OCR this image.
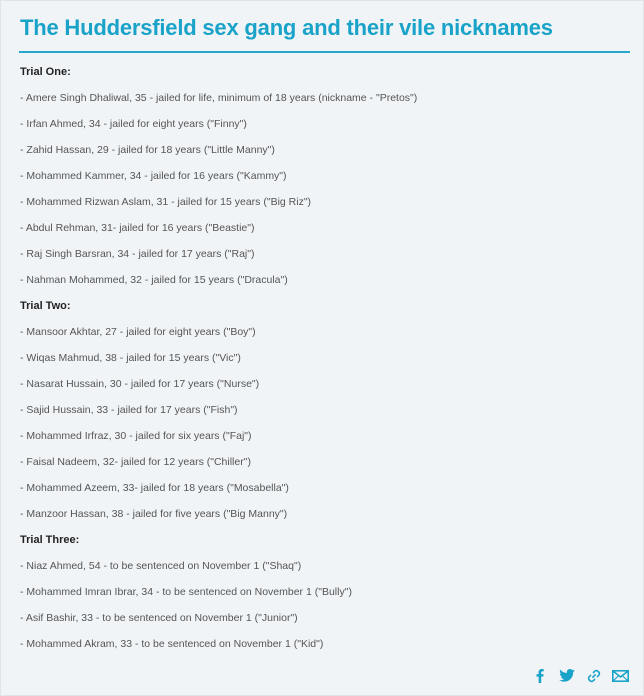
The Huddersfield sex gang and their vile nicknames
Trial One:
- Amere Singh Dhaliwal, 35 - jailed for life, minimum of 18 years (nickname - "Pretos")
- Irfan Ahmed, 34 - jailed for eight years ("Finny")
- Zahid Hassan, 29 - jailed for 18 years ("Little Manny")
- Mohammed Kammer, 34 - jailed for 16 years ("Kammy")
- Mohammed Rizwan Aslam, 31 - jailed for 15 years ("Big Riz")
- Abdul Rehman, 31- jailed for 16 years ("Beastie")
- Raj Singh Barsran, 34 - jailed for 17 years ("Raj")
- Nahman Mohammed, 32 - jailed for 15 years ("Dracula")
Trial Two:
- Mansoor Akhtar, 27 - jailed for eight years ("Boy")
- Wiqas Mahmud, 38 - jailed for 15 years ("Vic")
- Nasarat Hussain, 30 - jailed for 17 years ("Nurse")
- Sajid Hussain, 33 - jailed for 17 years ("Fish")
- Mohammed Irfraz, 30 - jailed for six years ("Faj")
- Faisal Nadeem, 32- jailed for 12 years ("Chiller")
- Mohammed Azeem, 33- jailed for 18 years ("Mosabella")
- Manzoor Hassan, 38 - jailed for five years ("Big Manny")
Trial Three:
- Niaz Ahmed, 54 - to be sentenced on November 1 ("Shaq")
- Mohammed Imran Ibrar, 34 - to be sentenced on November 1 ("Bully")
- Asif Bashir, 33 - to be sentenced on November 1 ("Junior")
- Mohammed Akram, 33 - to be sentenced on November 1 ("Kid")
